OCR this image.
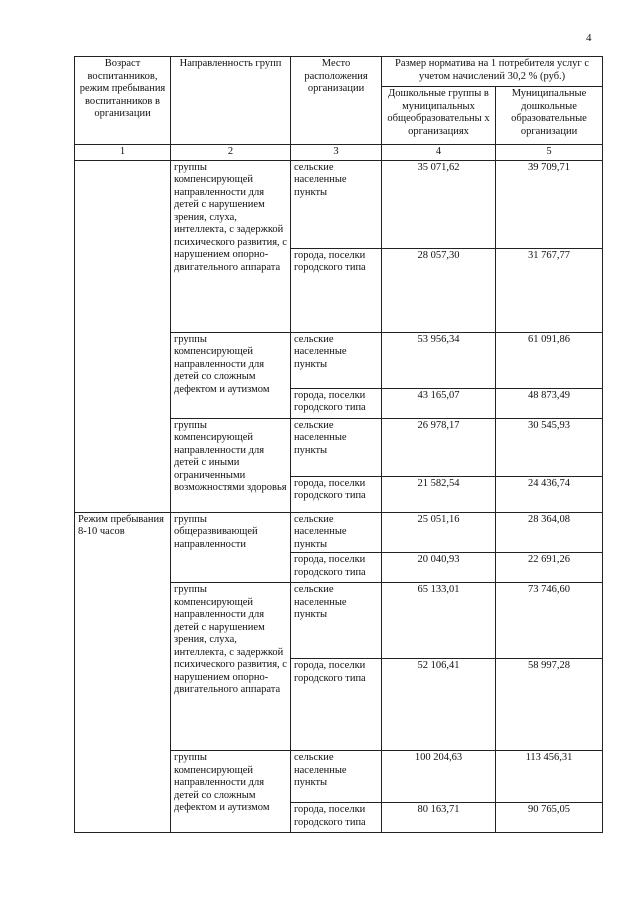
4
Возраст воспитанников, режим пребывания воспитанников в организации	Направленность групп	Место расположения организации	Размер норматива на 1 потребителя услуг с учетом начислений 30,2 % (руб.)	
			Дошкольные группы в муниципальных общеобразовательны х организациях	Муниципальные дошкольные образовательные организации
1	2	3	4	5
	группы компенсирующей направленности для детей с нарушением зрения, слуха, интеллекта, с задержкой психического развития, с нарушением опорно-двигательного аппарата	сельские населенные пункты	35 071,62	39 709,71
		города, поселки городского типа	28 057,30	31 767,77
	группы компенсирующей направленности для детей со сложным дефектом и аутизмом	сельские населенные пункты	53 956,34	61 091,86
		города, поселки городского типа	43 165,07	48 873,49
	группы компенсирующей направленности для детей с иными ограниченными возможностями здоровья	сельские населенные пункты	26 978,17	30 545,93
		города, поселки городского типа	21 582,54	24 436,74
Режим пребывания 8-10 часов	группы общеразвивающей направленности	сельские населенные пункты	25 051,16	28 364,08
		города, поселки городского типа	20 040,93	22 691,26
	группы компенсирующей направленности для детей с нарушением зрения, слуха, интеллекта, с задержкой психического развития, с нарушением опорно-двигательного аппарата	сельские населенные пункты	65 133,01	73 746,60
		города, поселки городского типа	52 106,41	58 997,28
	группы компенсирующей направленности для детей со сложным дефектом и аутизмом	сельские населенные пункты	100 204,63	113 456,31
		города, поселки городского типа	80 163,71	90 765,05
